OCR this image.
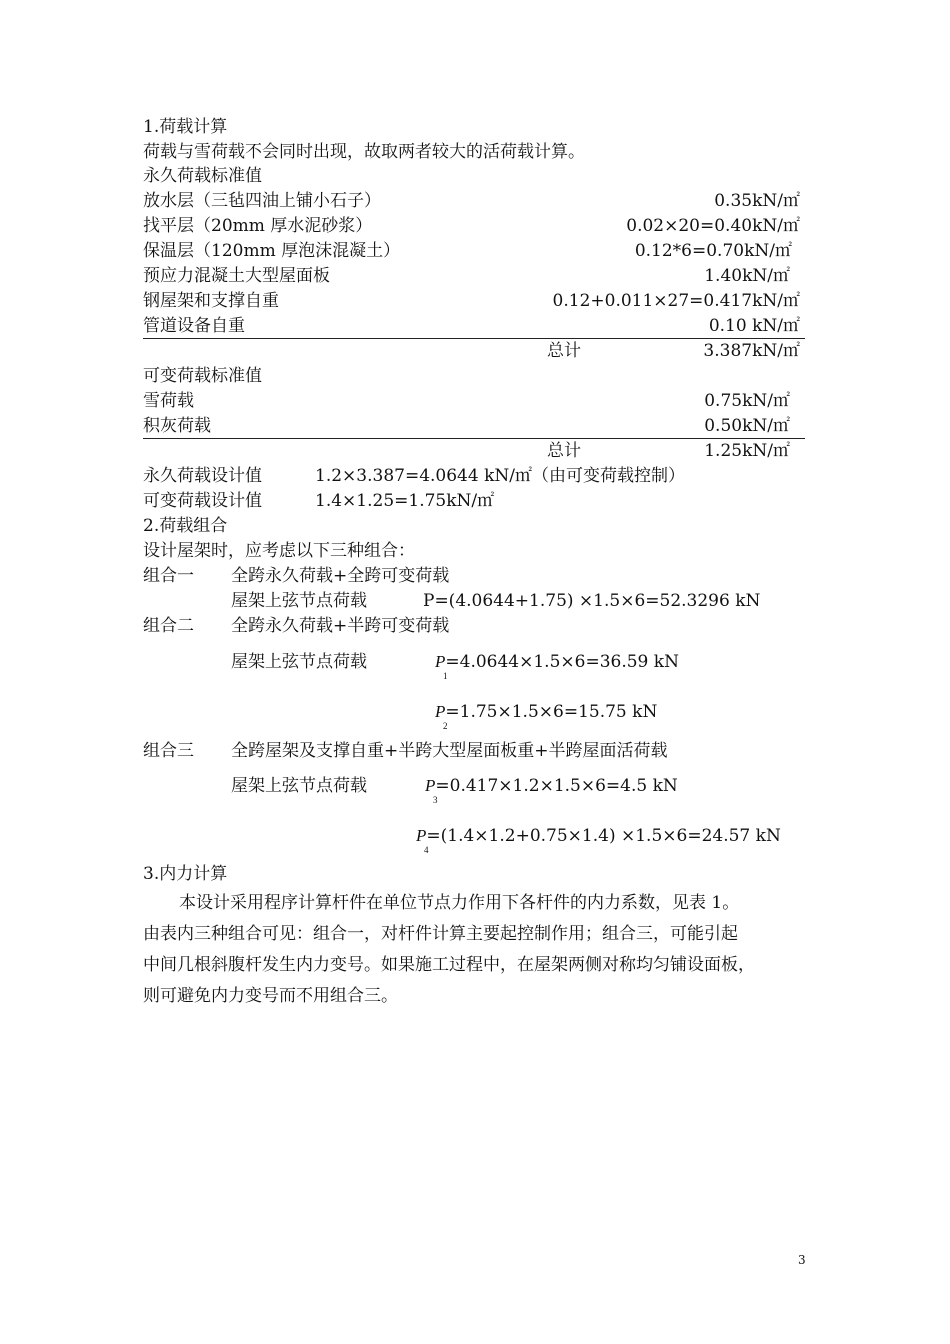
1.荷载计算
荷载与雪荷载不会同时出现，故取两者较大的活荷载计算。
永久荷载标准值
放水层（三毡四油上铺小石子）	0.35kN/㎡
找平层（20mm 厚水泥砂浆）	0.02×20=0.40kN/㎡
保温层（120mm 厚泡沫混凝土）	0.12*6=0.70kN/㎡
预应力混凝土大型屋面板	1.40kN/㎡
钢屋架和支撑自重	0.12+0.011×27=0.417kN/㎡
管道设备自重	0.10 kN/㎡
总计	3.387kN/㎡
可变荷载标准值
雪荷载	0.75kN/㎡
积灰荷载	0.50kN/㎡
总计	1.25kN/㎡
永久荷载设计值	1.2×3.387=4.0644 kN/㎡（由可变荷载控制）
可变荷载设计值	1.4×1.25=1.75kN/㎡
2.荷载组合
设计屋架时，应考虑以下三种组合：
组合一 全跨永久荷载+全跨可变荷载
屋架上弦节点荷载	P=(4.0644+1.75) ×1.5×6=52.3296 kN
组合二 全跨永久荷载+半跨可变荷载
屋架上弦节点荷载	P=4.0644×1.5×6=36.59 kN
1
P=1.75×1.5×6=15.75 kN
2
组合三 全跨屋架及支撑自重+半跨大型屋面板重+半跨屋面活荷载
屋架上弦节点荷载	P=0.417×1.2×1.5×6=4.5 kN
3
P=(1.4×1.2+0.75×1.4) ×1.5×6=24.57 kN
4
3.内力计算

本设计采用程序计算杆件在单位节点力作用下各杆件的内力系数，见表 1。

由表内三种组合可见：组合一，对杆件计算主要起控制作用；组合三，可能引起

中间几根斜腹杆发生内力变号。如果施工过程中，在屋架两侧对称均匀铺设面板，

则可避免内力变号而不用组合三。

3
